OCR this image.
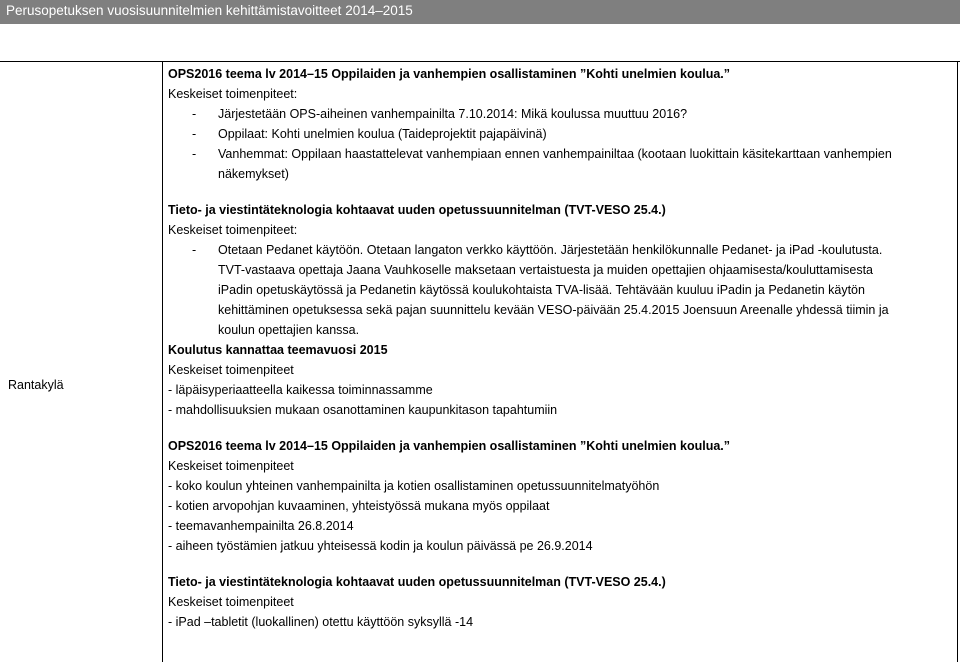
Perusopetuksen vuosisuunnitelmien kehittämistavoitteet 2014–2015
Rantakylä
OPS2016 teema lv 2014–15 Oppilaiden ja vanhempien osallistaminen ”Kohti unelmien koulua.”
Keskeiset toimenpiteet:
-	Järjestetään OPS-aiheinen vanhempainilta 7.10.2014: Mikä koulussa muuttuu 2016?
-	Oppilaat: Kohti unelmien koulua (Taideprojektit pajapäivinä)
-	Vanhemmat: Oppilaan haastattelevat vanhempiaan ennen vanhempainiltaa (kootaan luokittain käsitekarttaan vanhempien
näkemykset)
Tieto- ja viestintäteknologia kohtaavat uuden opetussuunnitelman (TVT-VESO 25.4.)
Keskeiset toimenpiteet:
-	Otetaan Pedanet käytöön. Otetaan langaton verkko käyttöön. Järjestetään henkilökunnalle Pedanet- ja iPad -koulutusta.
TVT-vastaava opettaja Jaana Vauhkoselle maksetaan vertaistuesta ja muiden opettajien ohjaamisesta/kouluttamisesta
iPadin opetuskäytössä ja Pedanetin käytössä koulukohtaista TVA-lisää. Tehtävään kuuluu iPadin ja Pedanetin käytön
kehittäminen opetuksessa sekä pajan suunnittelu kevään VESO-päivään 25.4.2015 Joensuun Areenalle yhdessä tiimin ja
koulun opettajien kanssa.
Koulutus kannattaa teemavuosi 2015
Keskeiset toimenpiteet
- läpäisyperiaatteella kaikessa toiminnassamme
- mahdollisuuksien mukaan osanottaminen kaupunkitason tapahtumiin
OPS2016 teema lv 2014–15 Oppilaiden ja vanhempien osallistaminen ”Kohti unelmien koulua.”
Keskeiset toimenpiteet
- koko koulun yhteinen vanhempainilta ja kotien osallistaminen opetussuunnitelmatyöhön
- kotien arvopohjan kuvaaminen, yhteistyössä mukana myös oppilaat
- teemavanhempainilta 26.8.2014
- aiheen työstämien jatkuu yhteisessä kodin ja koulun päivässä pe 26.9.2014
Tieto- ja viestintäteknologia kohtaavat uuden opetussuunnitelman (TVT-VESO 25.4.)
Keskeiset toimenpiteet
- iPad –tabletit (luokallinen) otettu käyttöön syksyllä -14
